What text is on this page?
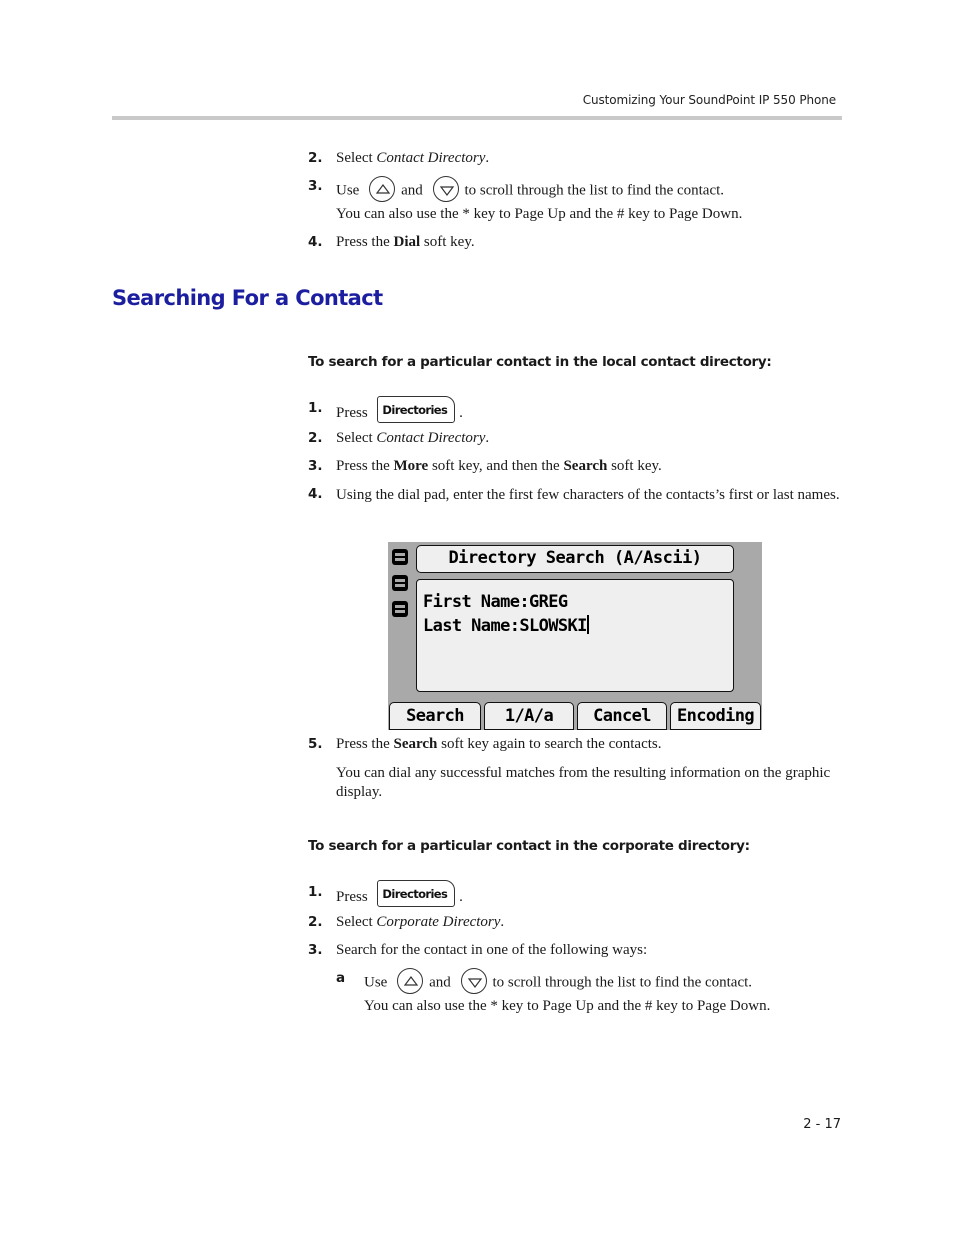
Customizing Your SoundPoint IP 550 Phone
2. Select Contact Directory.
3. Use	and	to scroll through the list to find the contact.
You can also use the * key to Page Up and the # key to Page Down.
4. Press the Dial soft key.
Searching For a Contact
To search for a particular contact in the local contact directory:
1. Press Directories .
2. Select Contact Directory.
3. Press the More soft key, and then the Search soft key.
4. Using the dial pad, enter the first few characters of the contacts’s first or last names.
Directory Search (A/Ascii)
First Name:GREG
Last Name:SLOWSKI
Search	1/A/a	Cancel	Encoding
5. Press the Search soft key again to search the contacts.
You can dial any successful matches from the resulting information on the graphic display.
To search for a particular contact in the corporate directory:
1. Press Directories .
2. Select Corporate Directory.
3. Search for the contact in one of the following ways:
a Use	and	to scroll through the list to find the contact.
You can also use the * key to Page Up and the # key to Page Down.
2 - 17
